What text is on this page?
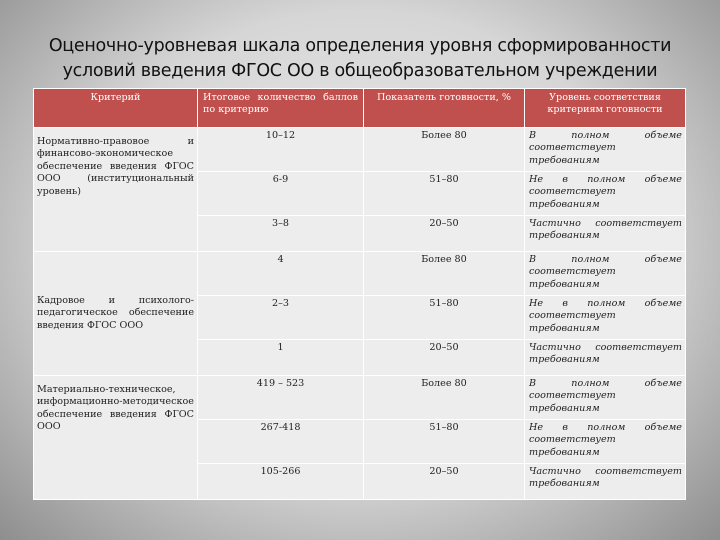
Оценочно-уровневая шкала определения уровня сформированности
условий введения ФГОС ОО в общеобразовательном учреждении
Критерий	Итоговое количество баллов по критерию	Показатель готовности, %	Уровень соответствия критериям готовности

Нормативно-правовое и финансово-экономическое обеспечение введения ФГОС ООО (институциональный уровень)	10–12	Более 80	В полном объеме соответствует требованиям
	6-9	51–80	Не в полном объеме соответствует требованиям
	3–8	20–50	Частично соответствует требованиям

Кадровое и психолого-педагогическое обеспечение введения ФГОС ООО	4	Более 80	В полном объеме соответствует требованиям
	2–3	51–80	Не в полном объеме соответствует требованиям
	1	20–50	Частично соответствует требованиям

Материально-техническое, информационно-методическое обеспечение введения ФГОС ООО	419 – 523	Более 80	В полном объеме соответствует требованиям
	267-418	51–80	Не в полном объеме соответствует требованиям
	105-266	20–50	Частично соответствует требованиям
